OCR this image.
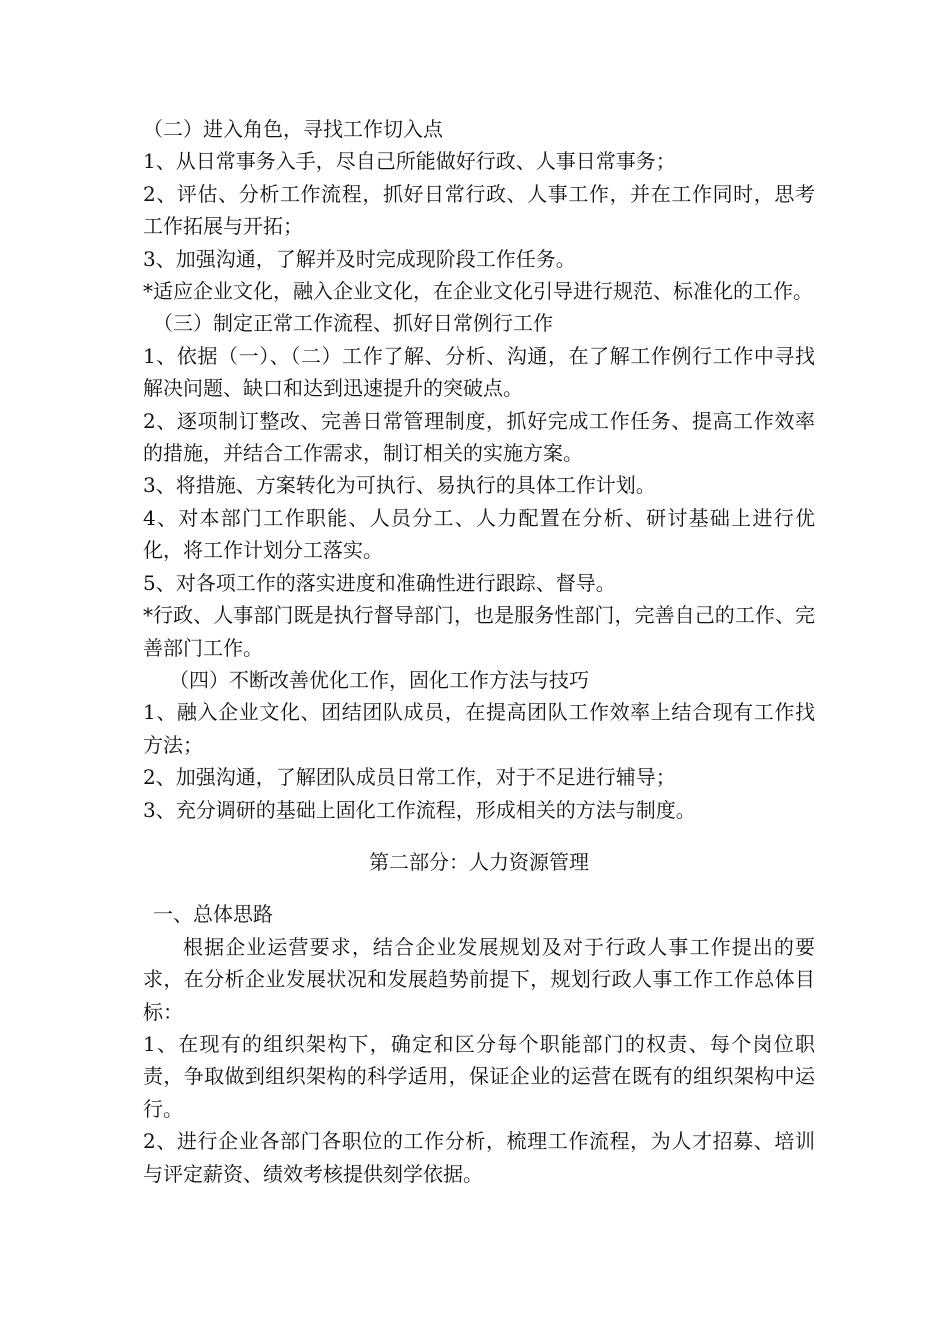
（二）进入角色，寻找工作切入点

1、从日常事务入手，尽自己所能做好行政、人事日常事务；

2、评估、分析工作流程，抓好日常行政、人事工作，并在工作同时，思考工作拓展与开拓；

3、加强沟通，了解并及时完成现阶段工作任务。

*适应企业文化，融入企业文化，在企业文化引导进行规范、标准化的工作。

（三）制定正常工作流程、抓好日常例行工作

1、依据（一）、（二）工作了解、分析、沟通，在了解工作例行工作中寻找解决问题、缺口和达到迅速提升的突破点。

2、逐项制订整改、完善日常管理制度，抓好完成工作任务、提高工作效率的措施，并结合工作需求，制订相关的实施方案。

3、将措施、方案转化为可执行、易执行的具体工作计划。

4、对本部门工作职能、人员分工、人力配置在分析、研讨基础上进行优化，将工作计划分工落实。

5、对各项工作的落实进度和准确性进行跟踪、督导。

*行政、人事部门既是执行督导部门，也是服务性部门，完善自己的工作、完善部门工作。

（四）不断改善优化工作，固化工作方法与技巧

1、融入企业文化、团结团队成员，在提高团队工作效率上结合现有工作找方法；

2、加强沟通，了解团队成员日常工作，对于不足进行辅导；

3、充分调研的基础上固化工作流程，形成相关的方法与制度。

第二部分：人力资源管理

一、总体思路

根据企业运营要求，结合企业发展规划及对于行政人事工作提出的要求，在分析企业发展状况和发展趋势前提下，规划行政人事工作工作总体目标：

1、在现有的组织架构下，确定和区分每个职能部门的权责、每个岗位职责，争取做到组织架构的科学适用，保证企业的运营在既有的组织架构中运行。

2、进行企业各部门各职位的工作分析，梳理工作流程，为人才招募、培训与评定薪资、绩效考核提供刻学依据。
